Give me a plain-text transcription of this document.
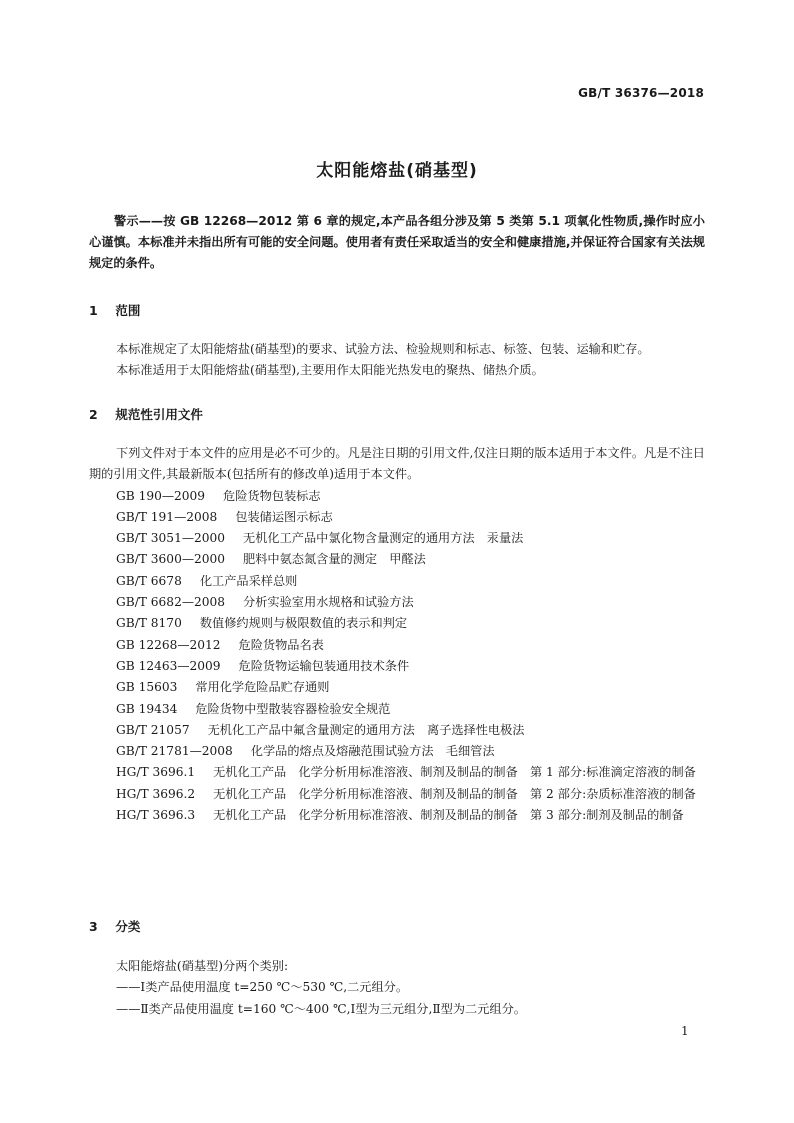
GB/T 36376—2018
太阳能熔盐(硝基型)
警示——按 GB 12268—2012 第 6 章的规定,本产品各组分涉及第 5 类第 5.1 项氧化性物质,操作时应小心谨慎。本标准并未指出所有可能的安全问题。使用者有责任采取适当的安全和健康措施,并保证符合国家有关法规规定的条件。
1 范围
本标准规定了太阳能熔盐(硝基型)的要求、试验方法、检验规则和标志、标签、包装、运输和贮存。
本标准适用于太阳能熔盐(硝基型),主要用作太阳能光热发电的聚热、储热介质。
2 规范性引用文件
下列文件对于本文件的应用是必不可少的。凡是注日期的引用文件,仅注日期的版本适用于本文件。凡是不注日期的引用文件,其最新版本(包括所有的修改单)适用于本文件。
GB 190—2009 危险货物包装标志
GB/T 191—2008 包装储运图示标志
GB/T 3051—2000 无机化工产品中氯化物含量测定的通用方法　汞量法
GB/T 3600—2000 肥料中氨态氮含量的测定　甲醛法
GB/T 6678 化工产品采样总则
GB/T 6682—2008 分析实验室用水规格和试验方法
GB/T 8170 数值修约规则与极限数值的表示和判定
GB 12268—2012 危险货物品名表
GB 12463—2009 危险货物运输包装通用技术条件
GB 15603 常用化学危险品贮存通则
GB 19434 危险货物中型散装容器检验安全规范
GB/T 21057 无机化工产品中氟含量测定的通用方法　离子选择性电极法
GB/T 21781—2008 化学品的熔点及熔融范围试验方法　毛细管法
HG/T 3696.1 无机化工产品　化学分析用标准溶液、制剂及制品的制备　第 1 部分:标准滴定溶液的制备
HG/T 3696.2 无机化工产品　化学分析用标准溶液、制剂及制品的制备　第 2 部分:杂质标准溶液的制备
HG/T 3696.3 无机化工产品　化学分析用标准溶液、制剂及制品的制备　第 3 部分:制剂及制品的制备
3 分类
太阳能熔盐(硝基型)分两个类别:
——Ⅰ类产品使用温度 t=250 ℃～530 ℃,二元组分。
——Ⅱ类产品使用温度 t=160 ℃～400 ℃,Ⅰ型为三元组分,Ⅱ型为二元组分。
1
